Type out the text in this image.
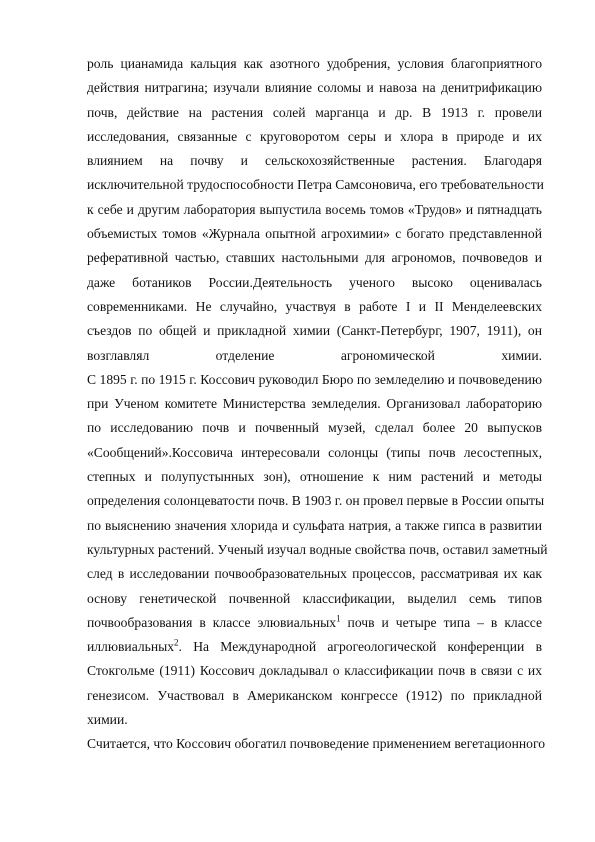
роль цианамида кальция как азотного удобрения, условия благоприятного
действия нитрагина; изучали влияние соломы и навоза на денитрификацию
почв, действие на растения солей марганца и др. В 1913 г. провели
исследования, связанные с круговоротом серы и хлора в природе и их
влиянием на почву и сельскохозяйственные растения. Благодаря
исключительной трудоспособности Петра Самсоновича, его требовательности
к себе и другим лаборатория выпустила восемь томов «Трудов» и пятнадцать
объемистых томов «Журнала опытной агрохимии» с богато представленной
реферативной частью, ставших настольными для агрономов, почвоведов и
даже ботаников России.Деятельность ученого высоко оценивалась
современниками. Не случайно, участвуя в работе I и II Менделеевских
съездов по общей и прикладной химии (Санкт-Петербург, 1907, 1911), он
возглавлял отделение агрономической химии.
С 1895 г. по 1915 г. Коссович руководил Бюро по земледелию и почвоведению
при Ученом комитете Министерства земледелия. Организовал лабораторию
по исследованию почв и почвенный музей, сделал более 20 выпусков
«Сообщений».Коссовича интересовали солонцы (типы почв лесостепных,
степных и полупустынных зон), отношение к ним растений и методы
определения солонцеватости почв. В 1903 г. он провел первые в России опыты
по выяснению значения хлорида и сульфата натрия, а также гипса в развитии
культурных растений. Ученый изучал водные свойства почв, оставил заметный
след в исследовании почвообразовательных процессов, рассматривая их как
основу генетической почвенной классификации, выделил семь типов
почвообразования в классе элювиальных$^1$ почв и четыре типа – в классе
иллювиальных$^2$. На Международной агрогеологической конференции в
Стокгольме (1911) Коссович докладывал о классификации почв в связи с их
генезисом. Участвовал в Американском конгрессе (1912) по прикладной
химии.
Считается, что Коссович обогатил почвоведение применением вегетационного
